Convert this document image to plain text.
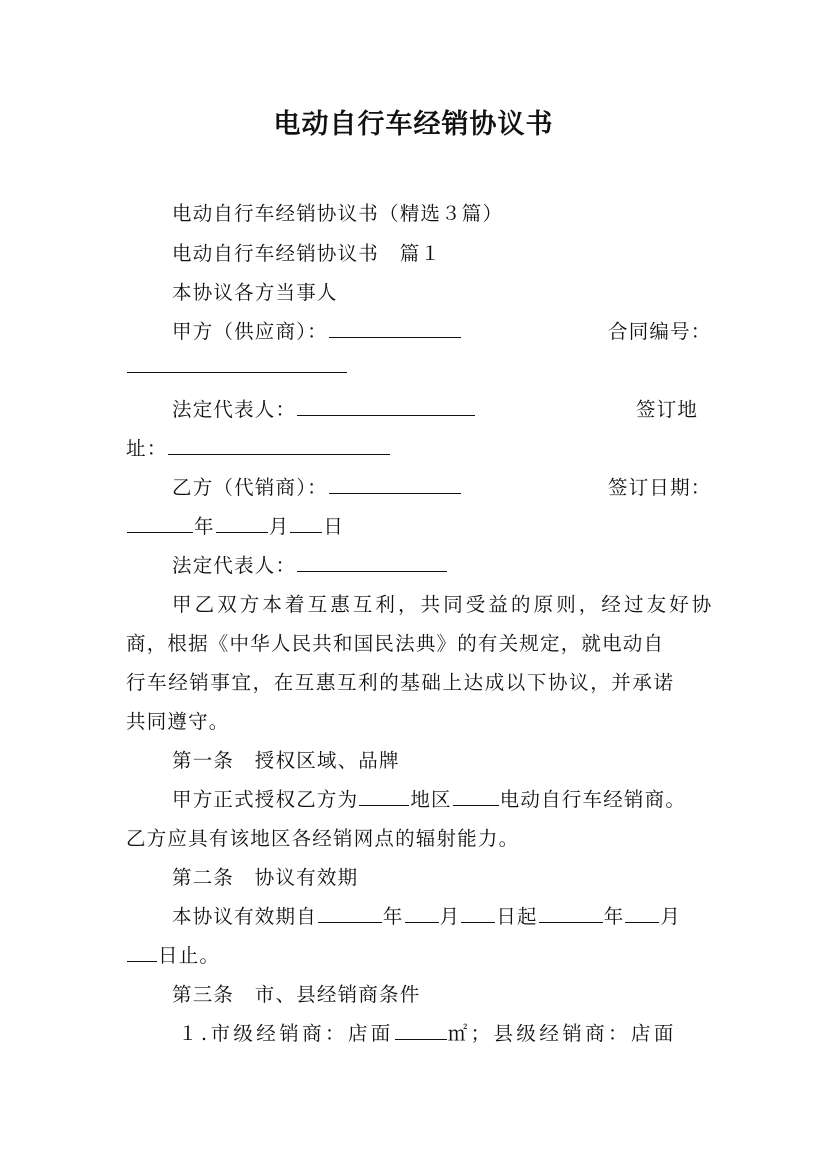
电动自行车经销协议书
电动自行车经销协议书（精选３篇）
电动自行车经销协议书　篇１
本协议各方当事人
甲方（供应商）：	合同编号：
法定代表人：	签订地
址：
乙方（代销商）：	签订日期：
年	月 日
法定代表人：
甲乙双方本着互惠互利，共同受益的原则，经过友好协
商，根据《中华人民共和国民法典》的有关规定，就电动自
行车经销事宜，在互惠互利的基础上达成以下协议，并承诺
共同遵守。
第一条　授权区域、品牌
甲方正式授权乙方为	地区 电动自行车经销商。
乙方应具有该地区各经销网点的辐射能力。
第二条　协议有效期
本协议有效期自	年 月 日起	年 月
日止。
第三条　市、县经销商条件
１.市级经销商：店面	㎡；县级经销商：店面
